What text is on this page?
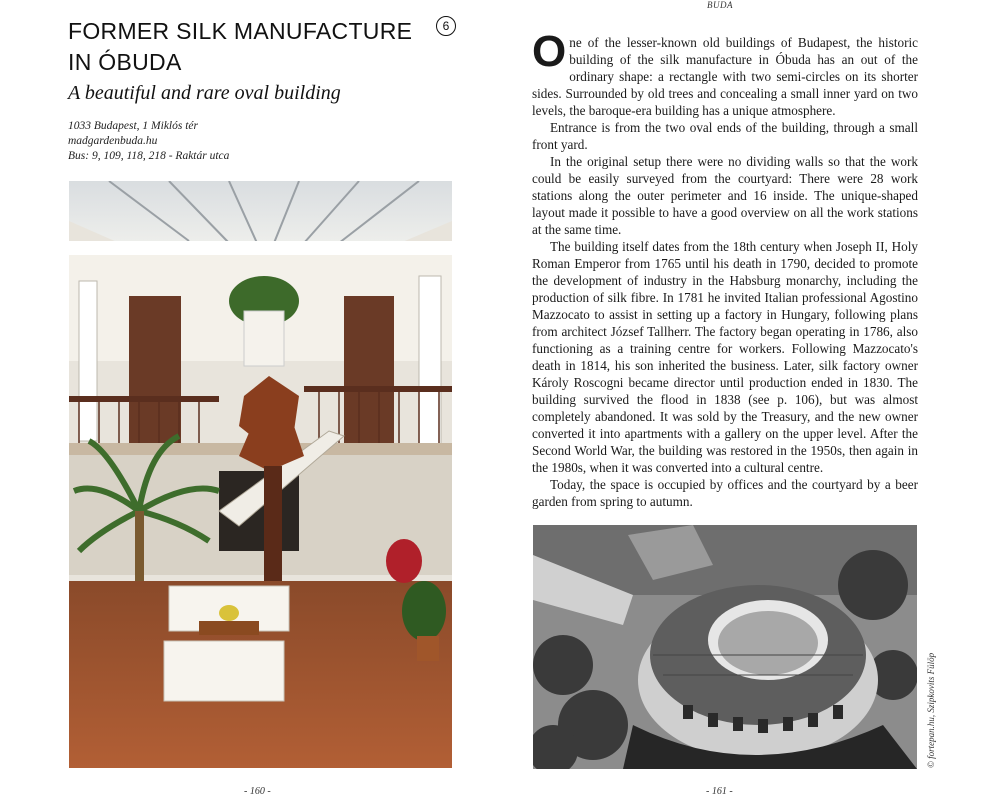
BUDA
FORMER SILK MANUFACTURE IN ÓBUDA
6
A beautiful and rare oval building
1033 Budapest, 1 Miklós tér
madgardenbuda.hu
Bus: 9, 109, 118, 218 - Raktár utca

One of the lesser-known old buildings of Budapest, the historic building of the silk manufacture in Óbuda has an out of the ordinary shape: a rectangle with two semi-circles on its shorter sides. Surrounded by old trees and concealing a small inner yard on two levels, the baroque-era building has a unique atmosphere.

Entrance is from the two oval ends of the building, through a small front yard.

In the original setup there were no dividing walls so that the work could be easily surveyed from the courtyard: There were 28 work stations along the outer perimeter and 16 inside. The unique-shaped layout made it possible to have a good overview on all the work stations at the same time.

The building itself dates from the 18th century when Joseph II, Holy Roman Emperor from 1765 until his death in 1790, decided to promote the development of industry in the Habsburg monarchy, including the production of silk fibre. In 1781 he invited Italian professional Agostino Mazzocato to assist in setting up a factory in Hungary, following plans from architect József Tallherr. The factory began operating in 1786, also functioning as a training centre for workers. Following Mazzocato's death in 1814, his son inherited the business. Later, silk factory owner Károly Roscogni became director until production ended in 1830. The building survived the flood in 1838 (see p. 106), but was almost completely abandoned. It was sold by the Treasury, and the new owner converted it into apartments with a gallery on the upper level. After the Second World War, the building was restored in the 1950s, then again in the 1980s, when it was converted into a cultural centre.

Today, the space is occupied by offices and the courtyard by a beer garden from spring to autumn.

© fortepan.hu, Szipkovits Fülöp
- 160 -	- 161 -
